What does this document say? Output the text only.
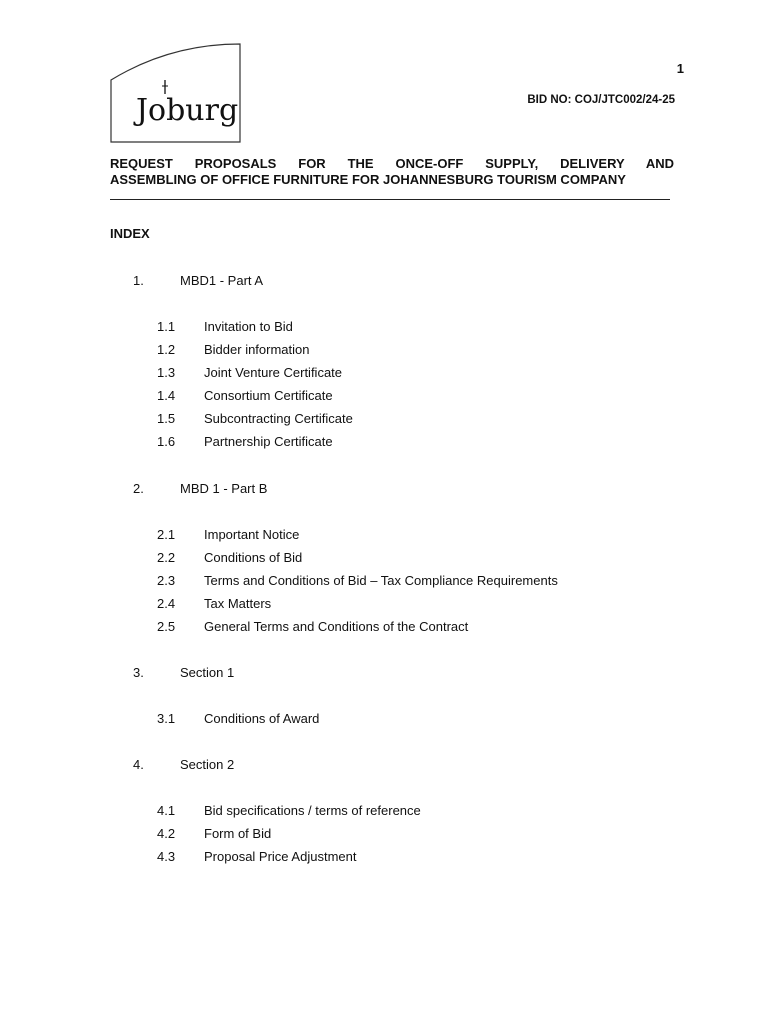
Joburg
1
BID NO: COJ/JTC002/24-25
REQUEST PROPOSALS FOR THE ONCE-OFF SUPPLY, DELIVERY AND
ASSEMBLING OF OFFICE FURNITURE FOR JOHANNESBURG TOURISM COMPANY
INDEX
1.	MBD1 - Part A
1.1 Invitation to Bid
1.2 Bidder information
1.3 Joint Venture Certificate
1.4 Consortium Certificate
1.5 Subcontracting Certificate
1.6 Partnership Certificate
2.	MBD 1 - Part B
2.1 Important Notice
2.2 Conditions of Bid
2.3 Terms and Conditions of Bid – Tax Compliance Requirements
2.4 Tax Matters
2.5 General Terms and Conditions of the Contract
3.	Section 1
3.1 Conditions of Award
4.	Section 2
4.1 Bid specifications / terms of reference
4.2 Form of Bid
4.3 Proposal Price Adjustment
